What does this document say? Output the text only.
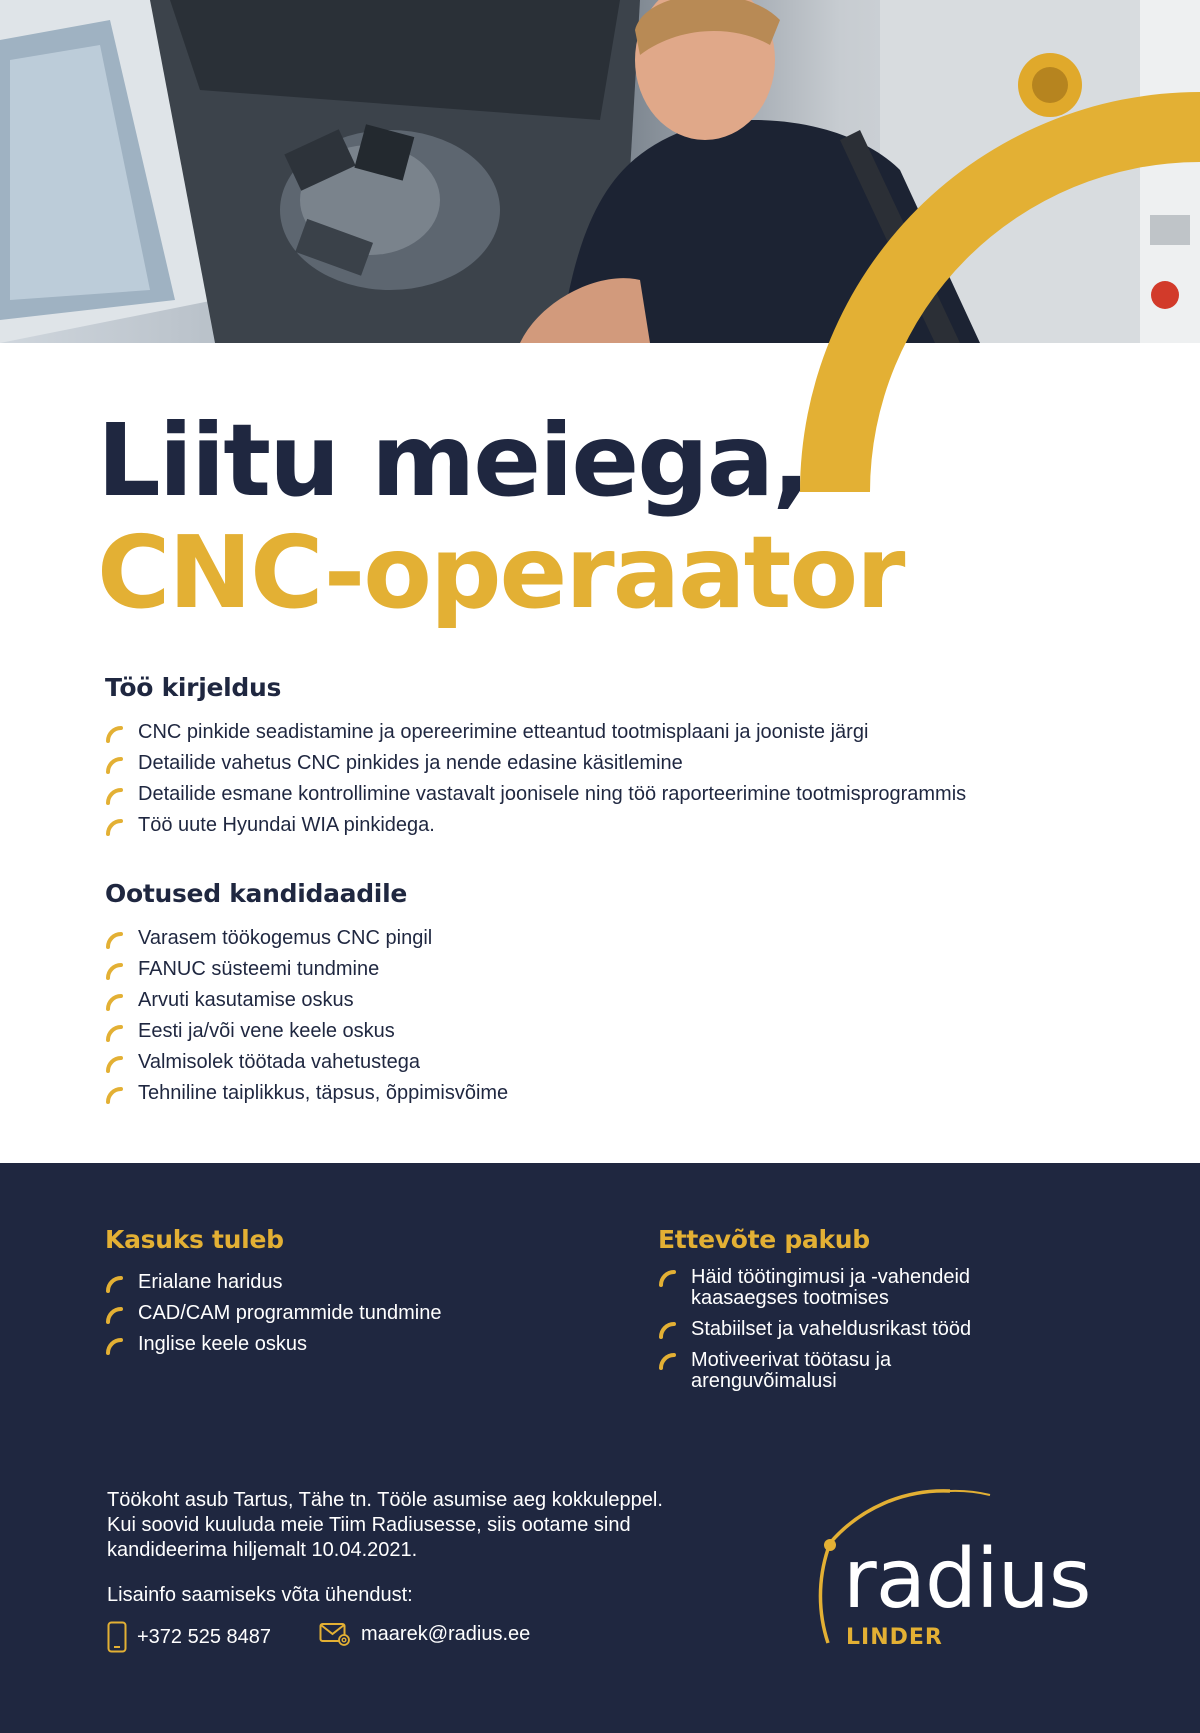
Liitu meiega,
CNC-operaator
Töö kirjeldus
CNC pinkide seadistamine ja opereerimine etteantud tootmisplaani ja jooniste järgi
Detailide vahetus CNC pinkides ja nende edasine käsitlemine
Detailide esmane kontrollimine vastavalt joonisele ning töö raporteerimine tootmisprogrammis
Töö uute Hyundai WIA pinkidega.
Ootused kandidaadile
Varasem töökogemus CNC pingil
FANUC süsteemi tundmine
Arvuti kasutamise oskus
Eesti ja/või vene keele oskus
Valmisolek töötada vahetustega
Tehniline taiplikkus, täpsus, õppimisvõime
Kasuks tuleb
Erialane haridus
CAD/CAM programmide tundmine
Inglise keele oskus
Ettevõte pakub
Häid töötingimusi ja -vahendeid kaasaegses tootmises
Stabiilset ja vaheldusrikast tööd
Motiveerivat töötasu ja arenguvõimalusi

Töökoht asub Tartus, Tähe tn. Tööle asumise aeg kokkuleppel. Kui soovid kuuluda meie Tiim Radiusesse, siis ootame sind kandideerima hiljemalt 10.04.2021.

Lisainfo saamiseks võta ühendust:

+372 525 8487	maarek@radius.ee

radius

LINDER
